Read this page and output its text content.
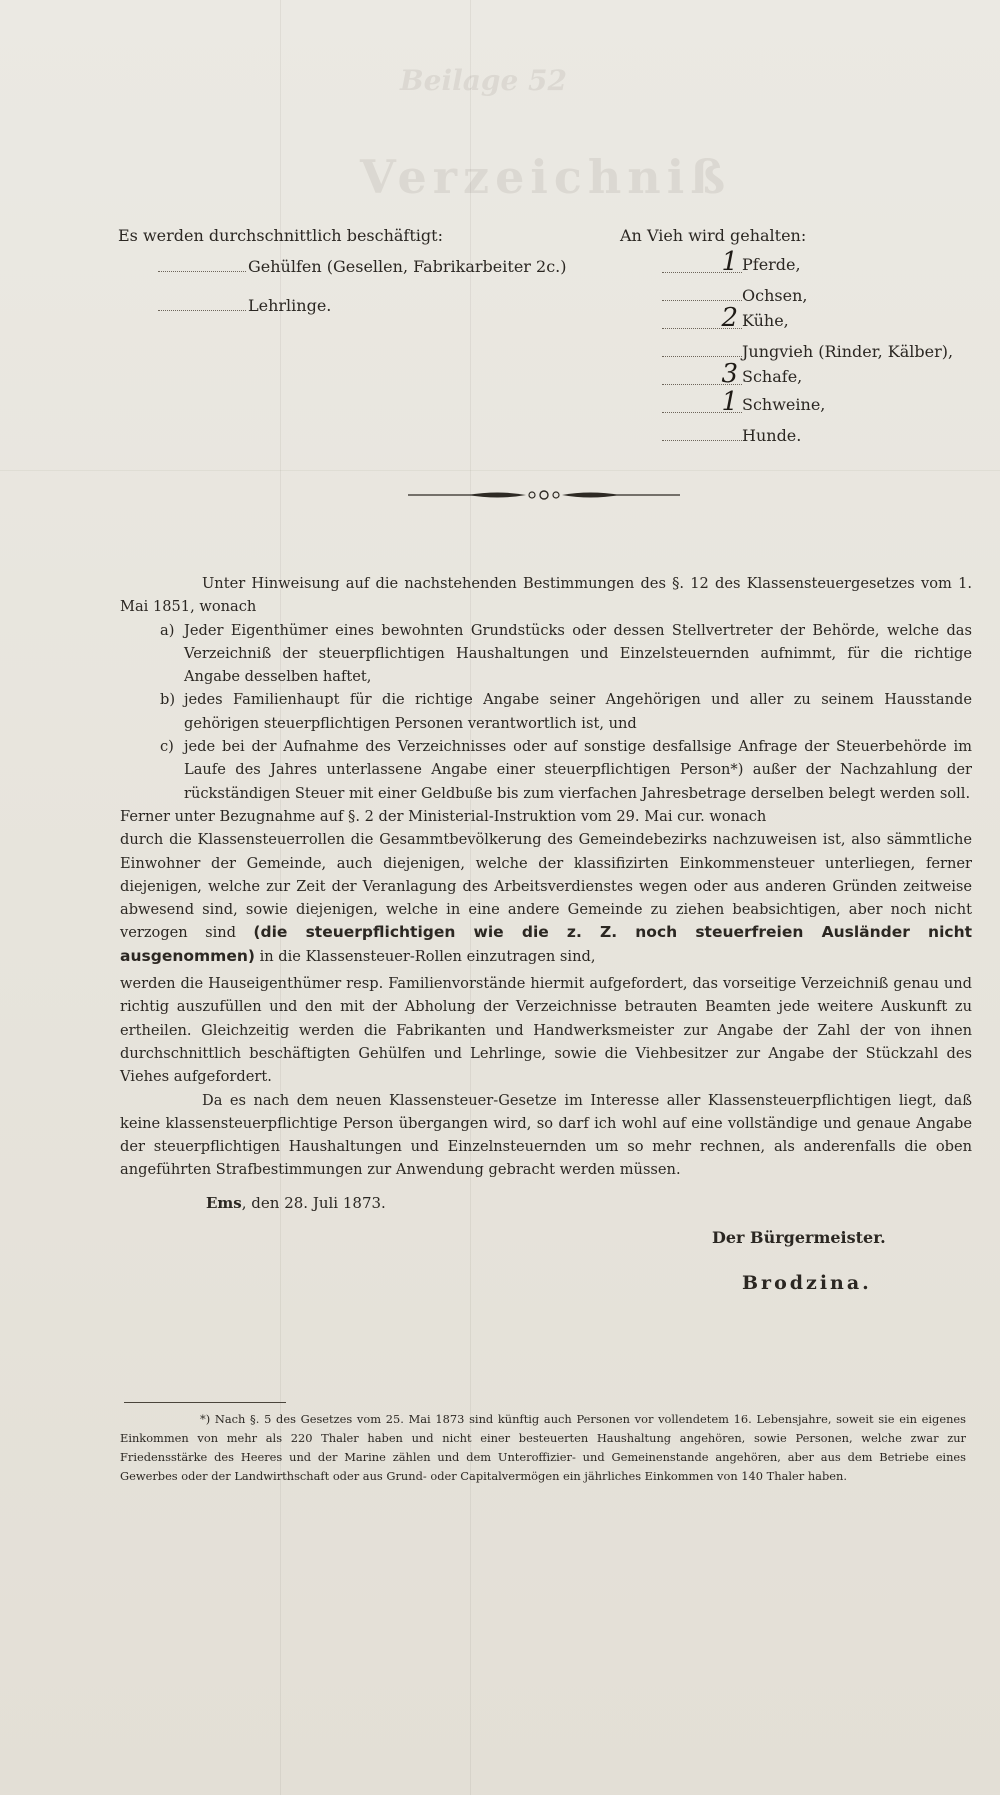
Beilage 52
Verzeichniß
Es werden durchschnittlich beschäftigt:
Gehülfen (Gesellen, Fabrikarbeiter 2c.)
Lehrlinge.
An Vieh wird gehalten:
1 Pferde,
Ochsen,
2 Kühe,
Jungvieh (Rinder, Kälber),
3 Schafe,
1 Schweine,
Hunde.

Unter Hinweisung auf die nachstehenden Bestimmungen des §. 12 des Klassensteuergesetzes vom 1. Mai 1851, wonach

a) Jeder Eigenthümer eines bewohnten Grundstücks oder dessen Stellvertreter der Behörde, welche das Verzeichniß der steuerpflichtigen Haushaltungen und Einzelsteuernden aufnimmt, für die richtige Angabe desselben haftet,
b) jedes Familienhaupt für die richtige Angabe seiner Angehörigen und aller zu seinem Hausstande gehörigen steuerpflichtigen Personen verantwortlich ist, und
c) jede bei der Aufnahme des Verzeichnisses oder auf sonstige desfallsige Anfrage der Steuerbehörde im Laufe des Jahres unterlassene Angabe einer steuerpflichtigen Person*) außer der Nachzahlung der rückständigen Steuer mit einer Geldbuße bis zum vierfachen Jahresbetrage derselben belegt werden soll.

Ferner unter Bezugnahme auf §. 2 der Ministerial-Instruktion vom 29. Mai cur. wonach

durch die Klassensteuerrollen die Gesammtbevölkerung des Gemeindebezirks nachzuweisen ist, also sämmtliche Einwohner der Gemeinde, auch diejenigen, welche der klassifizirten Einkommensteuer unterliegen, ferner diejenigen, welche zur Zeit der Veranlagung des Arbeitsverdienstes wegen oder aus anderen Gründen zeitweise abwesend sind, sowie diejenigen, welche in eine andere Gemeinde zu ziehen beabsichtigen, aber noch nicht verzogen sind (die steuerpflichtigen wie die z. Z. noch steuerfreien Ausländer nicht ausgenommen) in die Klassensteuer-Rollen einzutragen sind,

werden die Hauseigenthümer resp. Familienvorstände hiermit aufgefordert, das vorseitige Verzeichniß genau und richtig auszufüllen und den mit der Abholung der Verzeichnisse betrauten Beamten jede weitere Auskunft zu ertheilen. Gleichzeitig werden die Fabrikanten und Handwerksmeister zur Angabe der Zahl der von ihnen durchschnittlich beschäftigten Gehülfen und Lehrlinge, sowie die Viehbesitzer zur Angabe der Stückzahl des Viehes aufgefordert.

Da es nach dem neuen Klassensteuer-Gesetze im Interesse aller Klassensteuerpflichtigen liegt, daß keine klassensteuerpflichtige Person übergangen wird, so darf ich wohl auf eine vollständige und genaue Angabe der steuerpflichtigen Haushaltungen und Einzelnsteuernden um so mehr rechnen, als anderenfalls die oben angeführten Strafbestimmungen zur Anwendung gebracht werden müssen.

Ems, den 28. Juli 1873.
Der Bürgermeister.
Brodzina.
*) Nach §. 5 des Gesetzes vom 25. Mai 1873 sind künftig auch Personen vor vollendetem 16. Lebensjahre, soweit sie ein eigenes Einkommen von mehr als 220 Thaler haben und nicht einer besteuerten Haushaltung angehören, sowie Personen, welche zwar zur Friedensstärke des Heeres und der Marine zählen und dem Unteroffizier- und Gemeinenstande angehören, aber aus dem Betriebe eines Gewerbes oder der Landwirthschaft oder aus Grund- oder Capitalvermögen ein jährliches Einkommen von 140 Thaler haben.
